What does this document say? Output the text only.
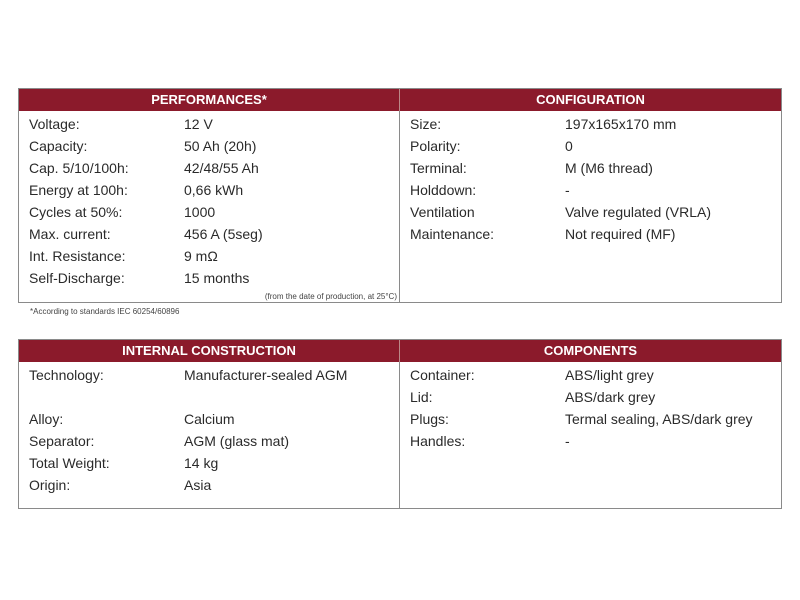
PERFORMANCES*	CONFIGURATION
Voltage:	12 V
Capacity:	50 Ah (20h)
Cap. 5/10/100h:	42/48/55 Ah
Energy at 100h:	0,66 kWh
Cycles at 50%:	1000
Max. current:	456 A (5seg)
Int. Resistance:	9 mΩ
Self-Discharge:	15 months
(from the date of production, at 25°C)
Size:	197x165x170 mm
Polarity:	0
Terminal:	M (M6 thread)
Holddown:	-
Ventilation	Valve regulated (VRLA)
Maintenance:	Not required (MF)
*According to standards IEC 60254/60896
INTERNAL CONSTRUCTION	COMPONENTS
Technology:	Manufacturer-sealed AGM
Alloy:	Calcium
Separator:	AGM (glass mat)
Total Weight:	14 kg
Origin:	Asia
Container:	ABS/light grey
Lid:	ABS/dark grey
Plugs:	Termal sealing, ABS/dark grey
Handles:	-
